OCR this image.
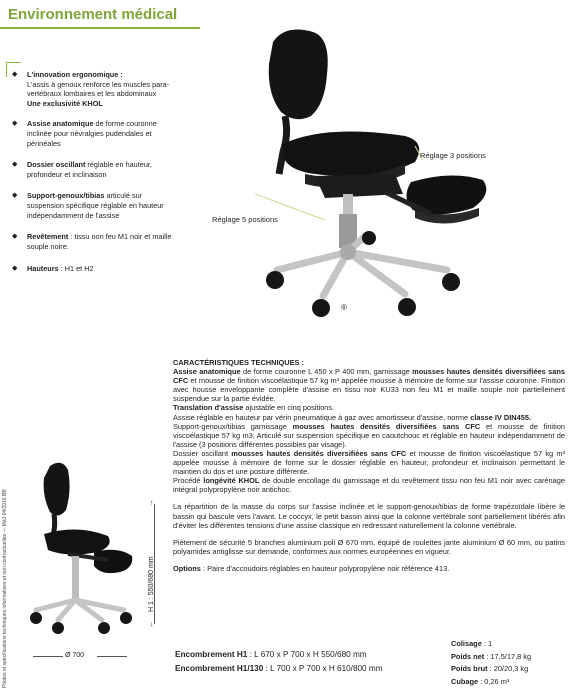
Environnement médical
◆ L'innovation ergonomique :
L'assis à genoux renforce les muscles para-vertébraux lombaires et les abdominaux
Une exclusivité KHOL
◆ Assise anatomique de forme couronne inclinée pour névralgies pudendales et périnéales
◆ Dossier oscillant réglable en hauteur, profondeur et inclinaison
◆ Support-genoux/tibias articulé sur suspension spécifique réglable en hauteur indépendamment de l'assise
◆ Revêtement : tissu non feu M1 noir et maille souple noire.
◆ Hauteurs : H1 et H2
Réglage 3 positions
Réglage 5 positions
®

CARACTÉRISTIQUES TECHNIQUES :

Assise anatomique de forme couronne L 450 x P 400 mm, garnissage mousses hautes densités diversifiées sans CFC et mousse de finition viscoélastique 57 kg m³ appelée mousse à mémoire de forme sur l'assise couronne. Finition avec housse enveloppante complète d'assise en tissu noir KU33 non feu M1 et maille souple noir partiellement suspendue sur la partie évidée.
Translation d'assise ajustable en cinq positions.

Assise réglable en hauteur par vérin pneumatique à gaz avec amortisseur d'assise, norme classe IV DIN455.

Support-genoux/tibias garnissage mousses hautes densités diversifiées sans CFC et mousse de finition viscoélastique 57 kg m3. Articulé sur suspension spécifique en caoutchouc et réglable en hauteur indépendamment de l'assise (3 positions différentes possibles par visage).

Dossier oscillant mousses hautes densités diversifiées sans CFC et mousse de finition viscoélastique 57 kg m³ appelée mousse à mémoire de forme sur le dossier réglable en hauteur, profondeur et inclinaison permettant le maintien du dos et une posture différente.

Procédé longévité KHOL de double encollage du garnissage et du revêtement tissu non feu M1 noir avec carénage intégral polypropylène noir antichoc.

La répartition de la masse du corps sur l'assise inclinée et le support-genoux/tibias de forme trapézoïdale libère le bassin qui bascule vers l'avant. Le coccyx, le petit bassin ainsi que la colonne vertébrale sont partiellement libérés afin d'éviter les différentes tensions d'une assise classique en redressant naturellement la colonne vertébrale.

Piètement de sécurité 5 branches aluminium poli Ø 670 mm, équipé de roulettes jante aluminium Ø 60 mm, ou patins polyamides antiglisse sur demande, conformes aux normes européennes en vigueur.

Options : Paire d'accoudoirs réglables en hauteur polypropylène noir référence 413.

Photos et spécifications techniques informatives et non contractuelles — MàJ 04/2016 BB	↑
↓
H 1 : 550/680 mm
Ø 700	Encombrement H1 : L 670 x P 700 x H 550/680 mm
Encombrement H1/130 : L 700 x P 700 x H 610/800 mm
Colisage : 1
Poids net : 17,5/17,8 kg
Poids brut : 20/20,3 kg
Cubage : 0,26 m³
